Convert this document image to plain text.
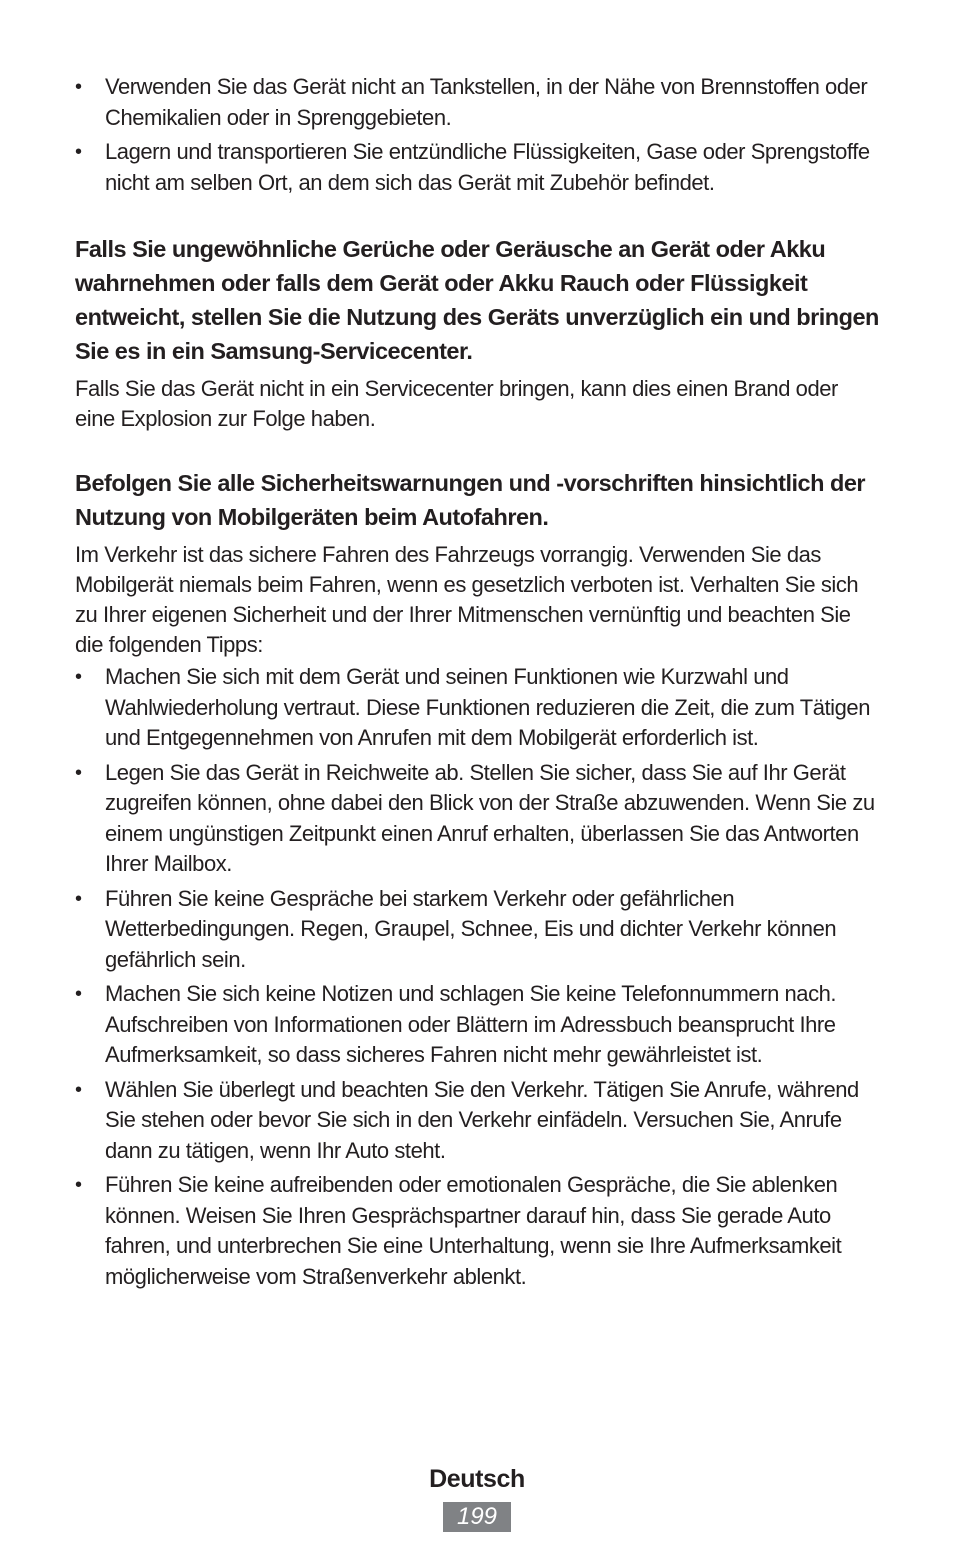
• Verwenden Sie das Gerät nicht an Tankstellen, in der Nähe von Brennstoffen oder Chemikalien oder in Sprenggebieten.
• Lagern und transportieren Sie entzündliche Flüssigkeiten, Gase oder Sprengstoffe nicht am selben Ort, an dem sich das Gerät mit Zubehör befindet.
Falls Sie ungewöhnliche Gerüche oder Geräusche an Gerät oder Akku wahrnehmen oder falls dem Gerät oder Akku Rauch oder Flüssigkeit entweicht, stellen Sie die Nutzung des Geräts unverzüglich ein und bringen Sie es in ein Samsung-Servicecenter.

Falls Sie das Gerät nicht in ein Servicecenter bringen, kann dies einen Brand oder eine Explosion zur Folge haben.

Befolgen Sie alle Sicherheitswarnungen und -vorschriften hinsichtlich der Nutzung von Mobilgeräten beim Autofahren.

Im Verkehr ist das sichere Fahren des Fahrzeugs vorrangig. Verwenden Sie das Mobilgerät niemals beim Fahren, wenn es gesetzlich verboten ist. Verhalten Sie sich zu Ihrer eigenen Sicherheit und der Ihrer Mitmenschen vernünftig und beachten Sie die folgenden Tipps:

• Machen Sie sich mit dem Gerät und seinen Funktionen wie Kurzwahl und Wahlwiederholung vertraut. Diese Funktionen reduzieren die Zeit, die zum Tätigen und Entgegennehmen von Anrufen mit dem Mobilgerät erforderlich ist.
• Legen Sie das Gerät in Reichweite ab. Stellen Sie sicher, dass Sie auf Ihr Gerät zugreifen können, ohne dabei den Blick von der Straße abzuwenden. Wenn Sie zu einem ungünstigen Zeitpunkt einen Anruf erhalten, überlassen Sie das Antworten Ihrer Mailbox.
• Führen Sie keine Gespräche bei starkem Verkehr oder gefährlichen Wetterbedingungen. Regen, Graupel, Schnee, Eis und dichter Verkehr können gefährlich sein.
• Machen Sie sich keine Notizen und schlagen Sie keine Telefonnummern nach. Aufschreiben von Informationen oder Blättern im Adressbuch beansprucht Ihre Aufmerksamkeit, so dass sicheres Fahren nicht mehr gewährleistet ist.
• Wählen Sie überlegt und beachten Sie den Verkehr. Tätigen Sie Anrufe, während Sie stehen oder bevor Sie sich in den Verkehr einfädeln. Versuchen Sie, Anrufe dann zu tätigen, wenn Ihr Auto steht.
• Führen Sie keine aufreibenden oder emotionalen Gespräche, die Sie ablenken können. Weisen Sie Ihren Gesprächspartner darauf hin, dass Sie gerade Auto fahren, und unterbrechen Sie eine Unterhaltung, wenn sie Ihre Aufmerksamkeit möglicherweise vom Straßenverkehr ablenkt.
Deutsch
199
